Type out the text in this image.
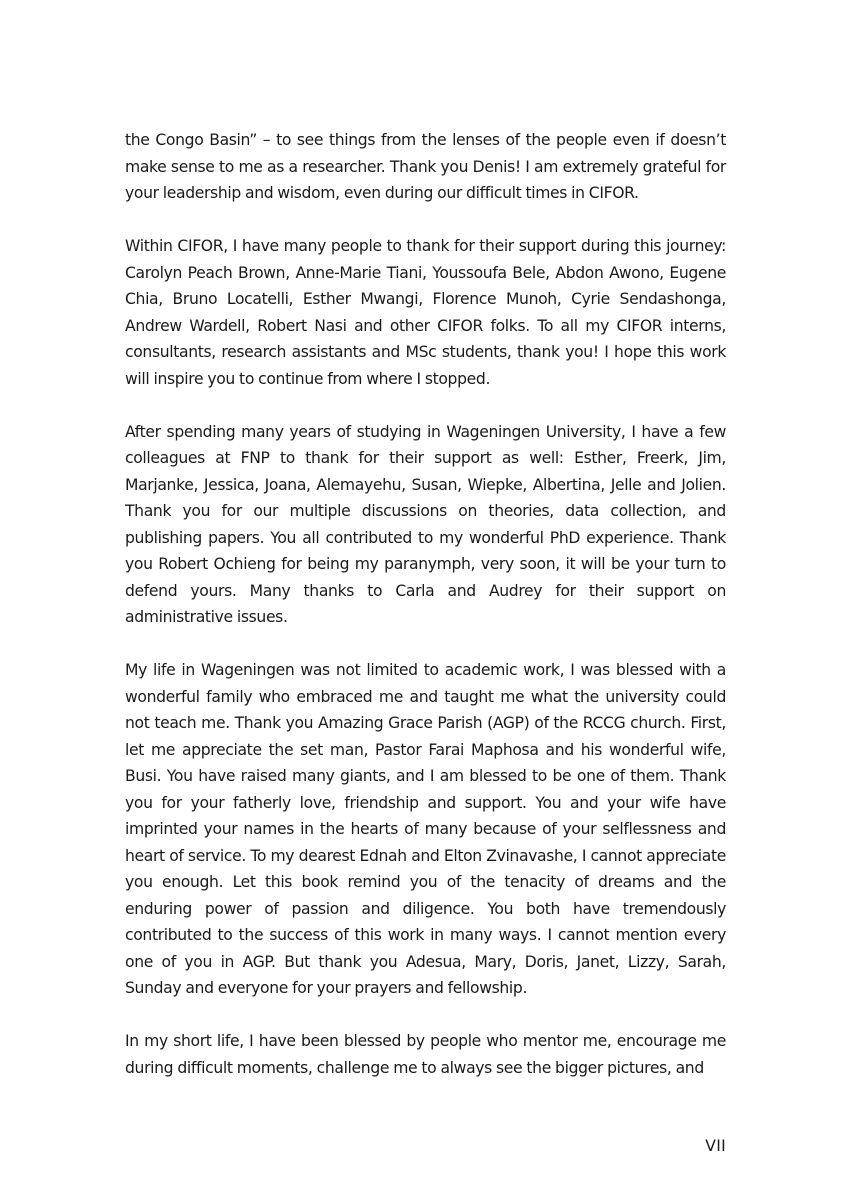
the Congo Basin” – to see things from the lenses of the people even if doesn’t make sense to me as a researcher. Thank you Denis! I am extremely grateful for your leadership and wisdom, even during our difficult times in CIFOR.

Within CIFOR, I have many people to thank for their support during this journey: Carolyn Peach Brown, Anne-Marie Tiani, Youssoufa Bele, Abdon Awono, Eugene Chia, Bruno Locatelli, Esther Mwangi, Florence Munoh, Cyrie Sendashonga, Andrew Wardell, Robert Nasi and other CIFOR folks. To all my CIFOR interns, consultants, research assistants and MSc students, thank you! I hope this work will inspire you to continue from where I stopped.

After spending many years of studying in Wageningen University, I have a few colleagues at FNP to thank for their support as well: Esther, Freerk, Jim, Marjanke, Jessica, Joana, Alemayehu, Susan, Wiepke, Albertina, Jelle and Jolien. Thank you for our multiple discussions on theories, data collection, and publishing papers. You all contributed to my wonderful PhD experience. Thank you Robert Ochieng for being my paranymph, very soon, it will be your turn to defend yours. Many thanks to Carla and Audrey for their support on administrative issues.

My life in Wageningen was not limited to academic work, I was blessed with a wonderful family who embraced me and taught me what the university could not teach me. Thank you Amazing Grace Parish (AGP) of the RCCG church. First, let me appreciate the set man, Pastor Farai Maphosa and his wonderful wife, Busi. You have raised many giants, and I am blessed to be one of them. Thank you for your fatherly love, friendship and support. You and your wife have imprinted your names in the hearts of many because of your selflessness and heart of service. To my dearest Ednah and Elton Zvinavashe, I cannot appreciate you enough. Let this book remind you of the tenacity of dreams and the enduring power of passion and diligence. You both have tremendously contributed to the success of this work in many ways. I cannot mention every one of you in AGP. But thank you Adesua, Mary, Doris, Janet, Lizzy, Sarah, Sunday and everyone for your prayers and fellowship.

In my short life, I have been blessed by people who mentor me, encourage me during difficult moments, challenge me to always see the bigger pictures, and

VII
